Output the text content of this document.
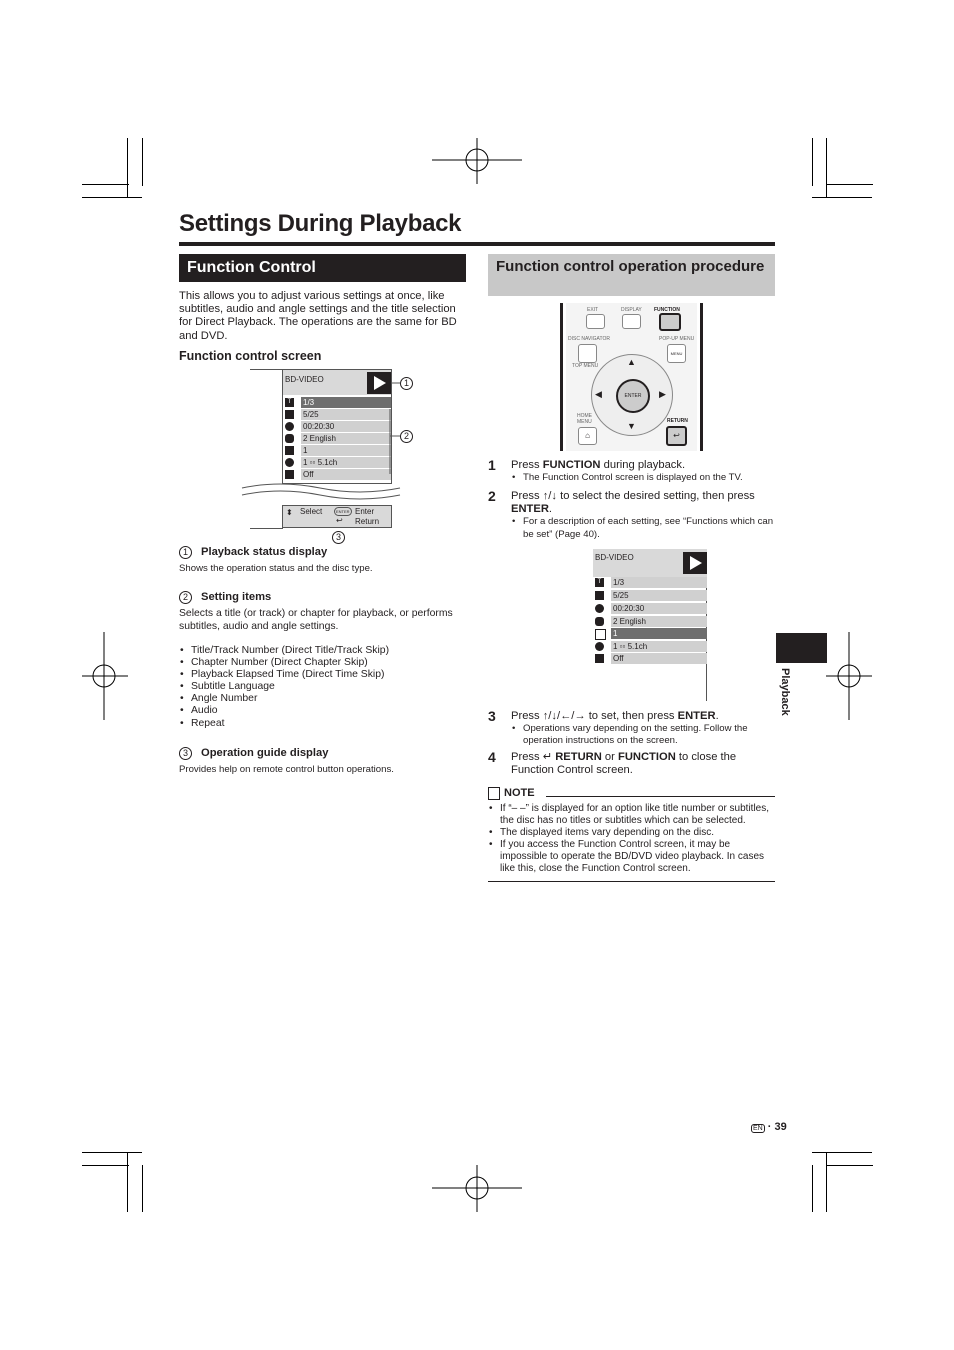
Settings During Playback
Function Control
This allows you to adjust various settings at once, like subtitles, audio and angle settings and the title selection for Direct Playback. The operations are the same for BD and DVD.
Function control screen
BD-VIDEO
T	1/3
5/25
00:20:30
2 English
1
1 ▫▫ 5.1ch
Off
⬍ Select	ENTER Enter
↩ Return
1
2
3
1 Playback status display
Shows the operation status and the disc type.
2 Setting items
Selects a title (or track) or chapter for playback, or performs subtitles, audio and angle settings.
• Title/Track Number (Direct Title/Track Skip)
• Chapter Number (Direct Chapter Skip)
• Playback Elapsed Time (Direct Time Skip)
• Subtitle Language
• Angle Number
• Audio
• Repeat
3 Operation guide display
Provides help on remote control button operations.
Function control operation procedure
EXIT	DISPLAY FUNCTION
DISC NAVIGATOR	POP-UP MENU
MENU
TOP MENU	▲
▼
◀	▶
ENTER
HOME MENU	RETURN
⌂	↩
1 Press FUNCTION during playback.
• The Function Control screen is displayed on the TV.
2 Press ↑/↓ to select the desired setting, then press ENTER.
• For a description of each setting, see “Functions which can be set” (Page 40).
BD-VIDEO
T	1/3
5/25
00:20:30
2 English
1
1 ▫▫ 5.1ch
Off
3 Press ↑/↓/←/→ to set, then press ENTER.
• Operations vary depending on the setting. Follow the operation instructions on the screen.
4 Press ↵ RETURN or FUNCTION to close the Function Control screen.
NOTE
• If “– –” is displayed for an option like title number or subtitles, the disc has no titles or subtitles which can be selected.
• The displayed items vary depending on the disc.
• If you access the Function Control screen, it may be impossible to operate the BD/DVD video playback. In cases like this, close the Function Control screen.
Playback
EN · 39
